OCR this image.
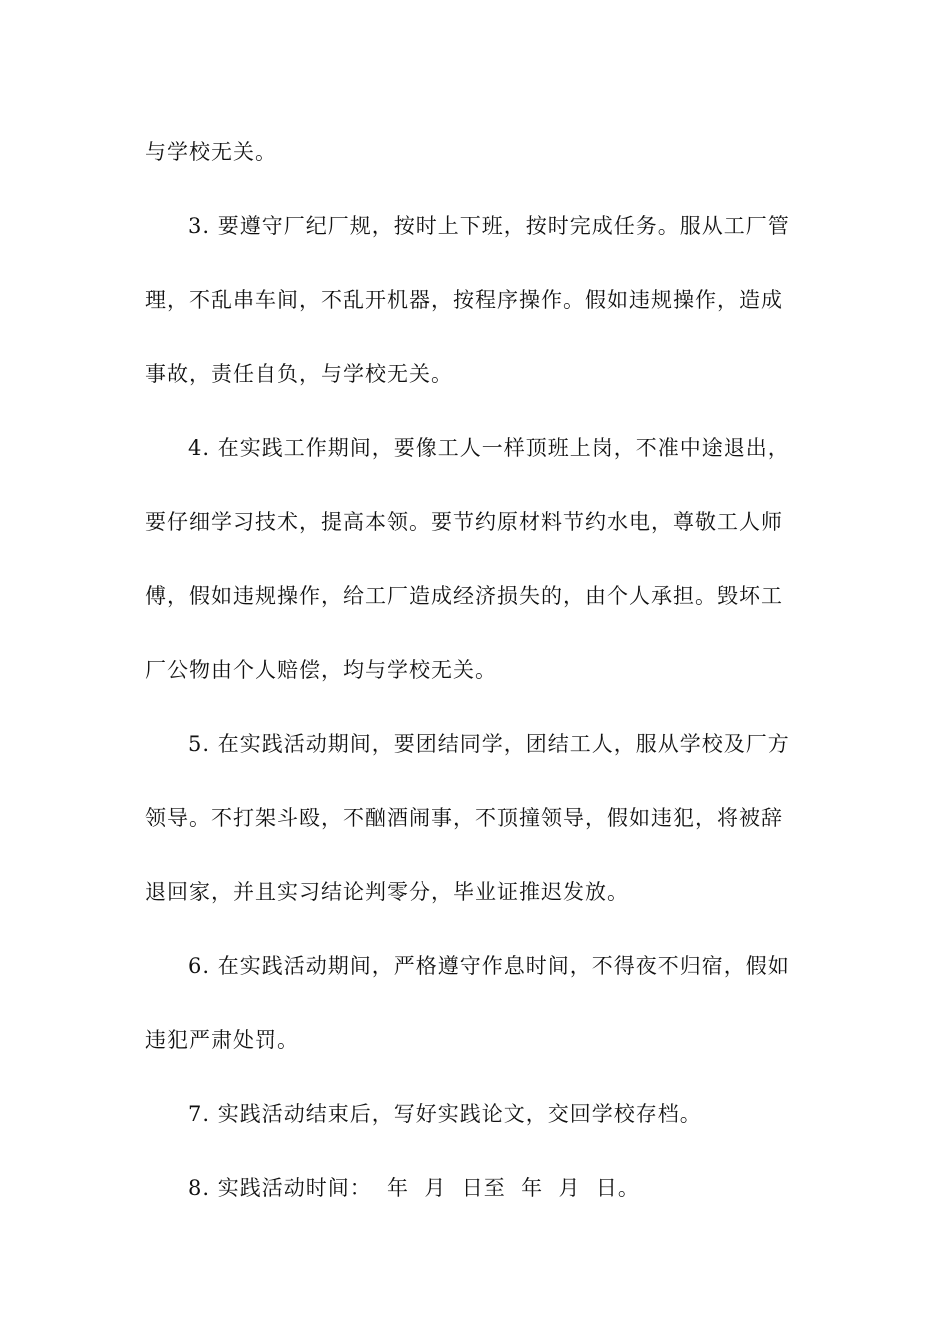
与学校无关。
3. 要遵守厂纪厂规，按时上下班，按时完成任务。服从工厂管
理，不乱串车间，不乱开机器，按程序操作。假如违规操作，造成
事故，责任自负，与学校无关。
4. 在实践工作期间，要像工人一样顶班上岗，不准中途退出，
要仔细学习技术，提高本领。要节约原材料节约水电，尊敬工人师
傅，假如违规操作，给工厂造成经济损失的，由个人承担。毁坏工
厂公物由个人赔偿，均与学校无关。
5. 在实践活动期间，要团结同学，团结工人，服从学校及厂方
领导。不打架斗殴，不酗酒闹事，不顶撞领导，假如违犯，将被辞
退回家，并且实习结论判零分，毕业证推迟发放。
6. 在实践活动期间，严格遵守作息时间，不得夜不归宿，假如
违犯严肃处罚。
7. 实践活动结束后，写好实践论文，交回学校存档。
8. 实践活动时间：  年  月  日至  年  月  日。
